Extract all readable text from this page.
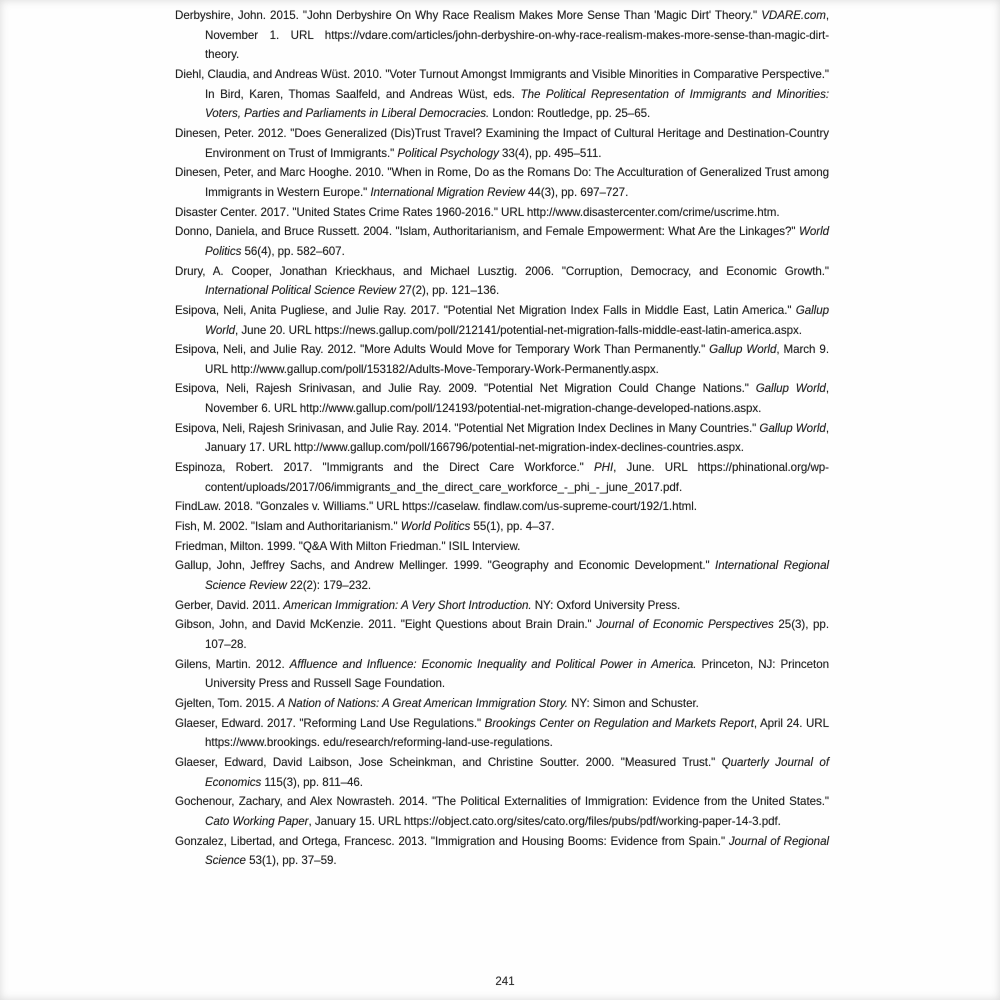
Derbyshire, John. 2015. "John Derbyshire On Why Race Realism Makes More Sense Than 'Magic Dirt' Theory." VDARE.com, November 1. URL https://vdare.com/articles/john-derbyshire-on-why-race-realism-makes-more-sense-than-magic-dirt-theory.

Diehl, Claudia, and Andreas Wüst. 2010. "Voter Turnout Amongst Immigrants and Visible Minorities in Comparative Perspective." In Bird, Karen, Thomas Saalfeld, and Andreas Wüst, eds. The Political Representation of Immigrants and Minorities: Voters, Parties and Parliaments in Liberal Democracies. London: Routledge, pp. 25–65.

Dinesen, Peter. 2012. "Does Generalized (Dis)Trust Travel? Examining the Impact of Cultural Heritage and Destination-Country Environment on Trust of Immigrants." Political Psychology 33(4), pp. 495–511.

Dinesen, Peter, and Marc Hooghe. 2010. "When in Rome, Do as the Romans Do: The Acculturation of Generalized Trust among Immigrants in Western Europe." International Migration Review 44(3), pp. 697–727.

Disaster Center. 2017. "United States Crime Rates 1960-2016." URL http://www.disastercenter.com/crime/uscrime.htm.

Donno, Daniela, and Bruce Russett. 2004. "Islam, Authoritarianism, and Female Empowerment: What Are the Linkages?" World Politics 56(4), pp. 582–607.

Drury, A. Cooper, Jonathan Krieckhaus, and Michael Lusztig. 2006. "Corruption, Democracy, and Economic Growth." International Political Science Review 27(2), pp. 121–136.

Esipova, Neli, Anita Pugliese, and Julie Ray. 2017. "Potential Net Migration Index Falls in Middle East, Latin America." Gallup World, June 20. URL https://news.gallup.com/poll/212141/potential-net-migration-falls-middle-east-latin-america.aspx.

Esipova, Neli, and Julie Ray. 2012. "More Adults Would Move for Temporary Work Than Permanently." Gallup World, March 9. URL http://www.gallup.com/poll/153182/Adults-Move-Temporary-Work-Permanently.aspx.

Esipova, Neli, Rajesh Srinivasan, and Julie Ray. 2009. "Potential Net Migration Could Change Nations." Gallup World, November 6. URL http://www.gallup.com/poll/124193/potential-net-migration-change-developed-nations.aspx.

Esipova, Neli, Rajesh Srinivasan, and Julie Ray. 2014. "Potential Net Migration Index Declines in Many Countries." Gallup World, January 17. URL http://www.gallup.com/poll/166796/potential-net-migration-index-declines-countries.aspx.

Espinoza, Robert. 2017. "Immigrants and the Direct Care Workforce." PHI, June. URL https://phinational.org/wp-content/uploads/2017/06/immigrants_and_the_direct_care_workforce_-_phi_-_june_2017.pdf.

FindLaw. 2018. "Gonzales v. Williams." URL https://caselaw. findlaw.com/us-supreme-court/192/1.html.

Fish, M. 2002. "Islam and Authoritarianism." World Politics 55(1), pp. 4–37.

Friedman, Milton. 1999. "Q&A With Milton Friedman." ISIL Interview.

Gallup, John, Jeffrey Sachs, and Andrew Mellinger. 1999. "Geography and Economic Development." International Regional Science Review 22(2): 179–232.

Gerber, David. 2011. American Immigration: A Very Short Introduction. NY: Oxford University Press.

Gibson, John, and David McKenzie. 2011. "Eight Questions about Brain Drain." Journal of Economic Perspectives 25(3), pp. 107–28.

Gilens, Martin. 2012. Affluence and Influence: Economic Inequality and Political Power in America. Princeton, NJ: Princeton University Press and Russell Sage Foundation.

Gjelten, Tom. 2015. A Nation of Nations: A Great American Immigration Story. NY: Simon and Schuster.

Glaeser, Edward. 2017. "Reforming Land Use Regulations." Brookings Center on Regulation and Markets Report, April 24. URL https://www.brookings. edu/research/reforming-land-use-regulations.

Glaeser, Edward, David Laibson, Jose Scheinkman, and Christine Soutter. 2000. "Measured Trust." Quarterly Journal of Economics 115(3), pp. 811–46.

Gochenour, Zachary, and Alex Nowrasteh. 2014. "The Political Externalities of Immigration: Evidence from the United States." Cato Working Paper, January 15. URL https://object.cato.org/sites/cato.org/files/pubs/pdf/working-paper-14-3.pdf.

Gonzalez, Libertad, and Ortega, Francesc. 2013. "Immigration and Housing Booms: Evidence from Spain." Journal of Regional Science 53(1), pp. 37–59.

241
